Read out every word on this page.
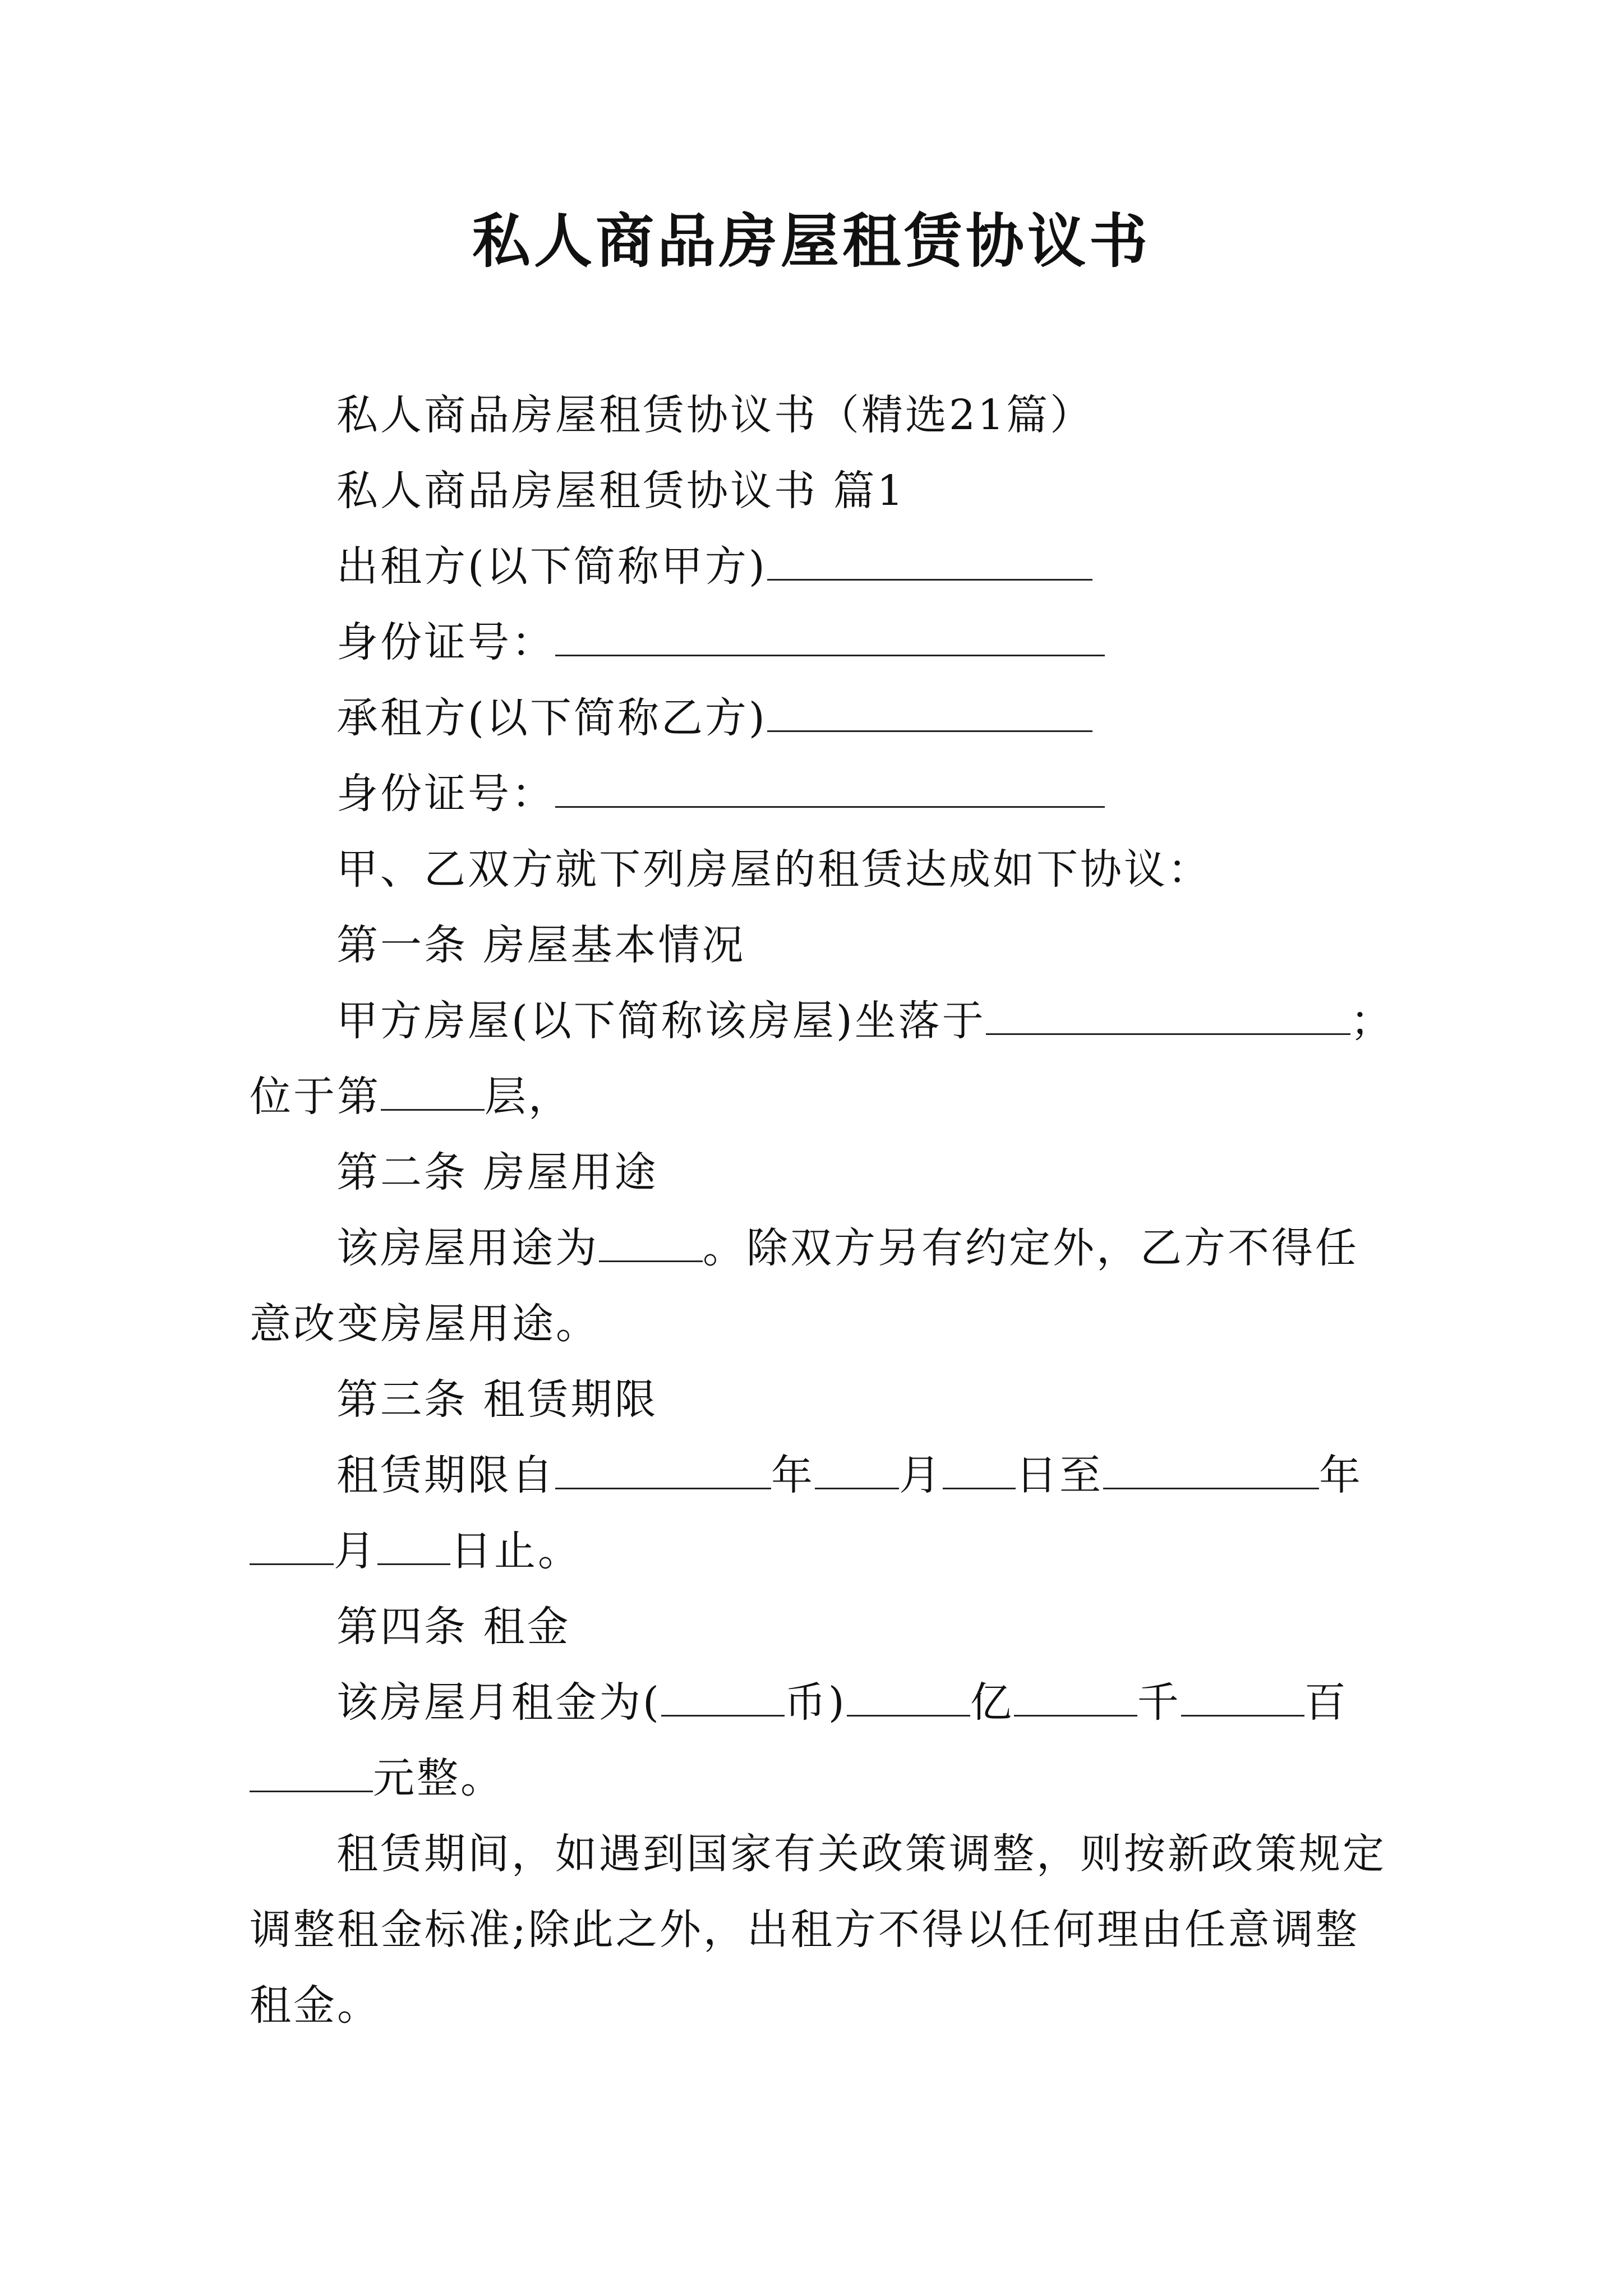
私人商品房屋租赁协议书
私人商品房屋租赁协议书（精选21篇）
私人商品房屋租赁协议书 篇1
出租方(以下简称甲方)
身份证号：
承租方(以下简称乙方)
身份证号：
甲、乙双方就下列房屋的租赁达成如下协议：
第一条 房屋基本情况
甲方房屋(以下简称该房屋)坐落于	；
位于第	层，
第二条 房屋用途
该房屋用途为	。除双方另有约定外，乙方不得任
意改变房屋用途。
第三条 租赁期限
租赁期限自	年 月 日至	年
月 日止。
第四条 租金
该房屋月租金为(	币)	亿	千	百
元整。
租赁期间，如遇到国家有关政策调整，则按新政策规定
调整租金标准;除此之外，出租方不得以任何理由任意调整
租金。
